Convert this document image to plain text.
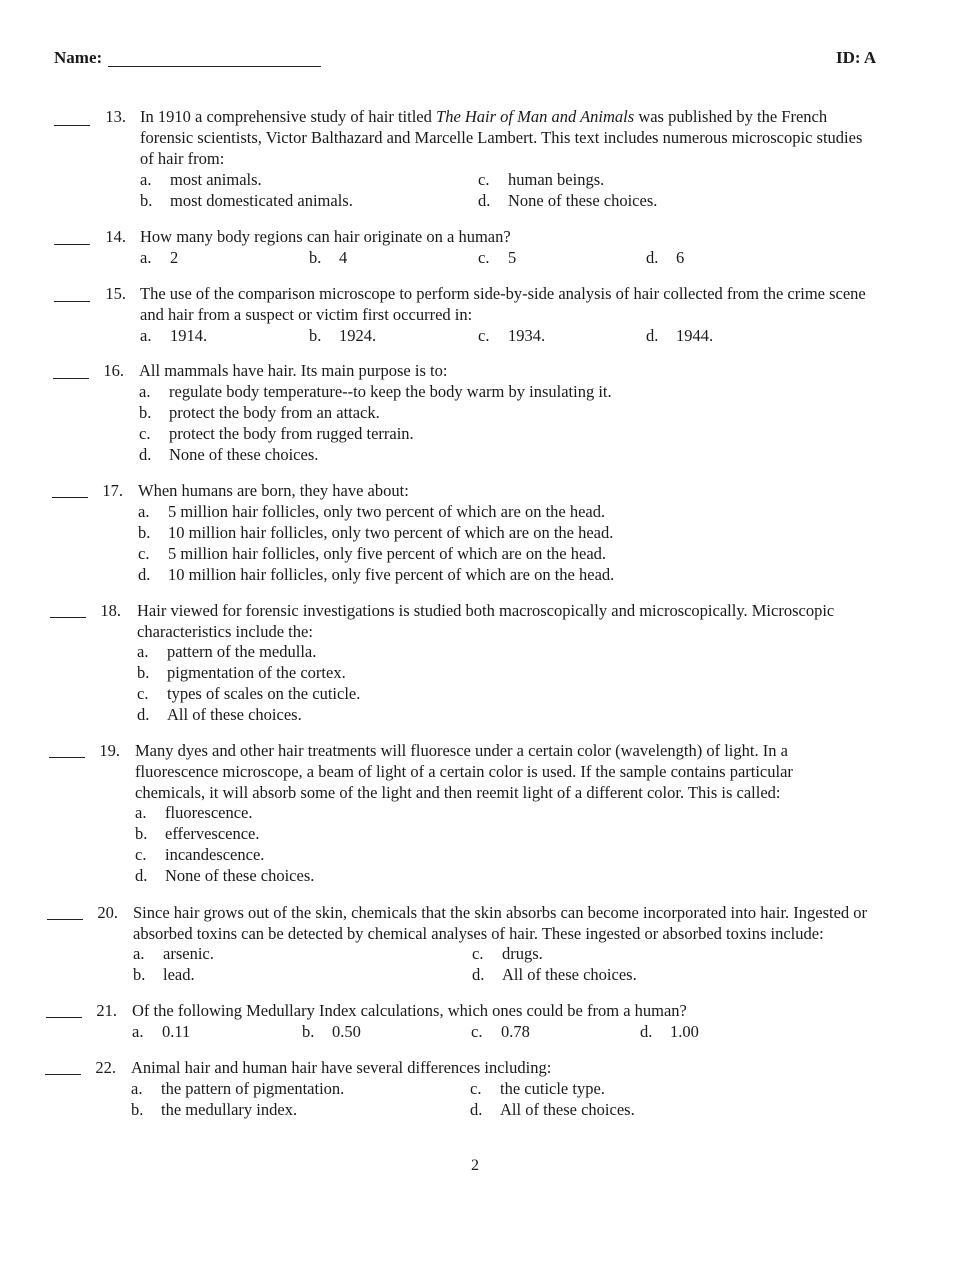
Name:	ID: A
13. In 1910 a comprehensive study of hair titled The Hair of Man and Animals was published by the French forensic scientists, Victor Balthazard and Marcelle Lambert. This text includes numerous microscopic studies of hair from:
a. most animals.
b. most domesticated animals.
c. human beings.
d. None of these choices.
14. How many body regions can hair originate on a human?
a. 2	b. 4	c. 5	d. 6
15. The use of the comparison microscope to perform side-by-side analysis of hair collected from the crime scene and hair from a suspect or victim first occurred in:
a. 1914.	b. 1924.	c. 1934.	d. 1944.
16. All mammals have hair. Its main purpose is to:
a. regulate body temperature--to keep the body warm by insulating it.
b. protect the body from an attack.
c. protect the body from rugged terrain.
d. None of these choices.
17. When humans are born, they have about:
a. 5 million hair follicles, only two percent of which are on the head.
b. 10 million hair follicles, only two percent of which are on the head.
c. 5 million hair follicles, only five percent of which are on the head.
d. 10 million hair follicles, only five percent of which are on the head.
18. Hair viewed for forensic investigations is studied both macroscopically and microscopically. Microscopic characteristics include the:
a. pattern of the medulla.
b. pigmentation of the cortex.
c. types of scales on the cuticle.
d. All of these choices.
19. Many dyes and other hair treatments will fluoresce under a certain color (wavelength) of light. In a fluorescence microscope, a beam of light of a certain color is used. If the sample contains particular chemicals, it will absorb some of the light and then reemit light of a different color. This is called:
a. fluorescence.
b. effervescence.
c. incandescence.
d. None of these choices.
20. Since hair grows out of the skin, chemicals that the skin absorbs can become incorporated into hair. Ingested or absorbed toxins can be detected by chemical analyses of hair. These ingested or absorbed toxins include:
a. arsenic.
b. lead.
c. drugs.
d. All of these choices.
21. Of the following Medullary Index calculations, which ones could be from a human?
a. 0.11	b. 0.50	c. 0.78	d. 1.00
22. Animal hair and human hair have several differences including:
a. the pattern of pigmentation.
b. the medullary index.
c. the cuticle type.
d. All of these choices.
2
